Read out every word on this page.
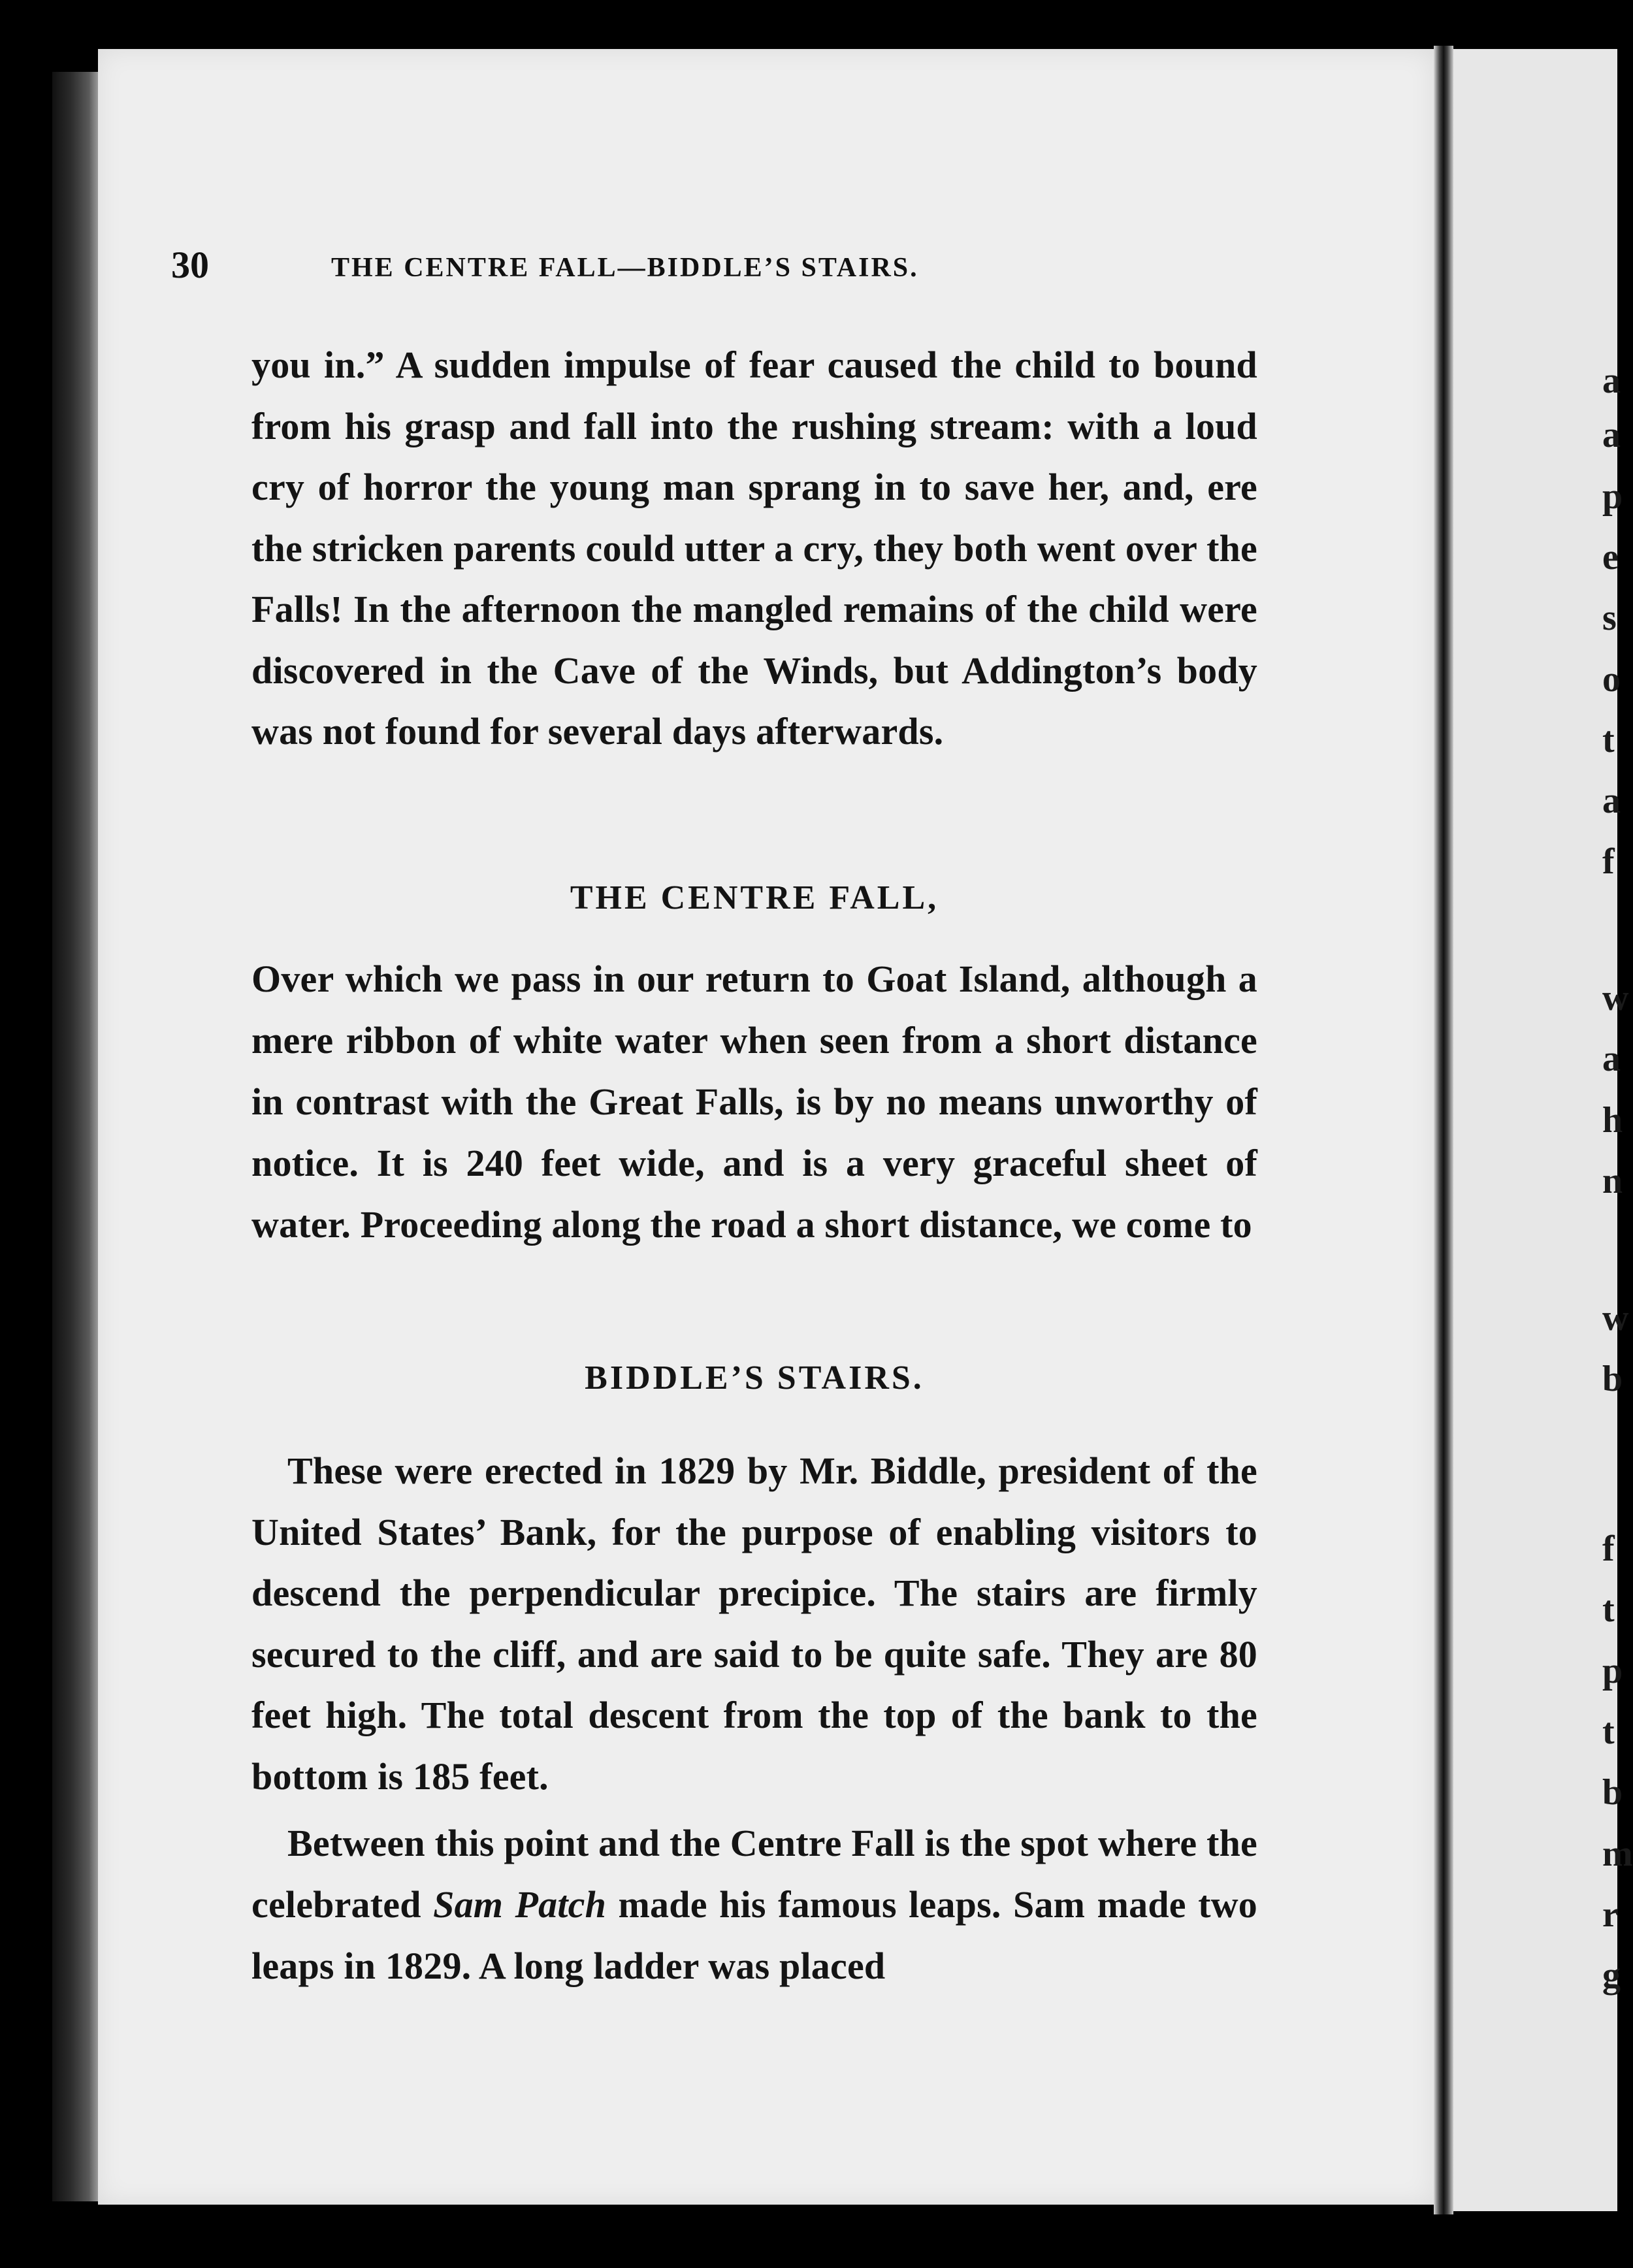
a
a
p
e
s
o
t
a
f
w
a
h
n
w
b
f
t
p
t
b
m
r
g
30	THE CENTRE FALL—BIDDLE’S STAIRS.
you in.” A sudden impulse of fear caused the child to bound from his grasp and fall into the rushing stream: with a loud cry of horror the young man sprang in to save her, and, ere the stricken parents could utter a cry, they both went over the Falls! In the afternoon the mangled remains of the child were discovered in the Cave of the Winds, but Addington’s body was not found for several days afterwards.
THE CENTRE FALL,
Over which we pass in our return to Goat Island, although a mere ribbon of white water when seen from a short distance in contrast with the Great Falls, is by no means unworthy of notice. It is 240 feet wide, and is a very graceful sheet of water. Proceeding along the road a short distance, we come to
BIDDLE’S STAIRS.
These were erected in 1829 by Mr. Biddle, president of the United States’ Bank, for the purpose of enabling visitors to descend the perpendicular precipice. The stairs are firmly secured to the cliff, and are said to be quite safe. They are 80 feet high. The total descent from the top of the bank to the bottom is 185 feet.
Between this point and the Centre Fall is the spot where the celebrated Sam Patch made his famous leaps. Sam made two leaps in 1829. A long ladder was placed
